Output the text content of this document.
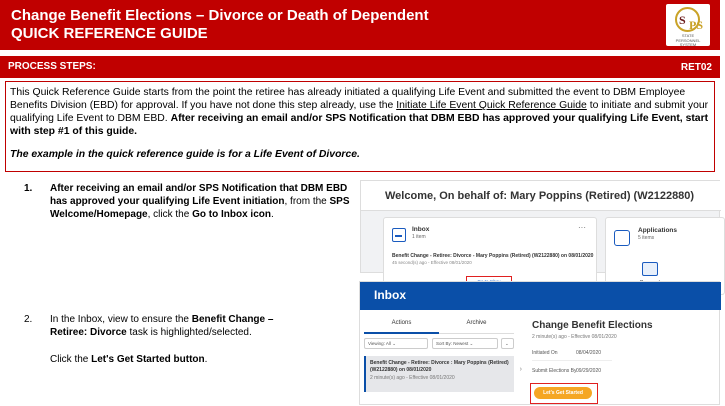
Change Benefit Elections – Divorce or Death of Dependent
QUICK REFERENCE GUIDE
S PS
STATE PERSONNEL SYSTEM
PROCESS STEPS:	RET02
This Quick Reference Guide starts from the point the retiree has already initiated a qualifying Life Event and submitted the event to DBM Employee Benefits Division (EBD) for approval. If you have not done this step already, use the Initiate Life Event Quick Reference Guide to initiate and submit your qualifying Life Event to DBM EBD. After receiving an email and/or SPS Notification that DBM EBD has approved your qualifying Life Event, start with step #1 of this guide.
The example in the quick reference guide is for a Life Event of Divorce.
1. After receiving an email and/or SPS Notification that DBM EBD has approved your qualifying Life Event initiation, from the SPS Welcome/Homepage, click the Go to Inbox icon.
2. In the Inbox, view to ensure the Benefit Change – Retiree: Divorce task is highlighted/selected.
Click the Let's Get Started button.
Welcome, On behalf of: Mary Poppins (Retired) (W2122880)
Inbox
1 item
···
Benefit Change - Retiree: Divorce - Mary Poppins (Retired) (W2122880) on 08/01/2020
45 second(s) ago - Effective 08/01/2020
Applications
5 items
Inbox
Actions	Archive
Viewing: All ⌄	Sort By: Newest ⌄	⌄
Benefit Change - Retiree: Divorce : Mary Poppins (Retired) (W2122880) on 08/01/2020
2 minute(s) ago - Effective 08/01/2020
›
Change Benefit Elections
2 minute(s) ago - Effective 08/01/2020
Initiated On	08/04/2020
Submit Elections By 09/29/2020
Let's Get Started
